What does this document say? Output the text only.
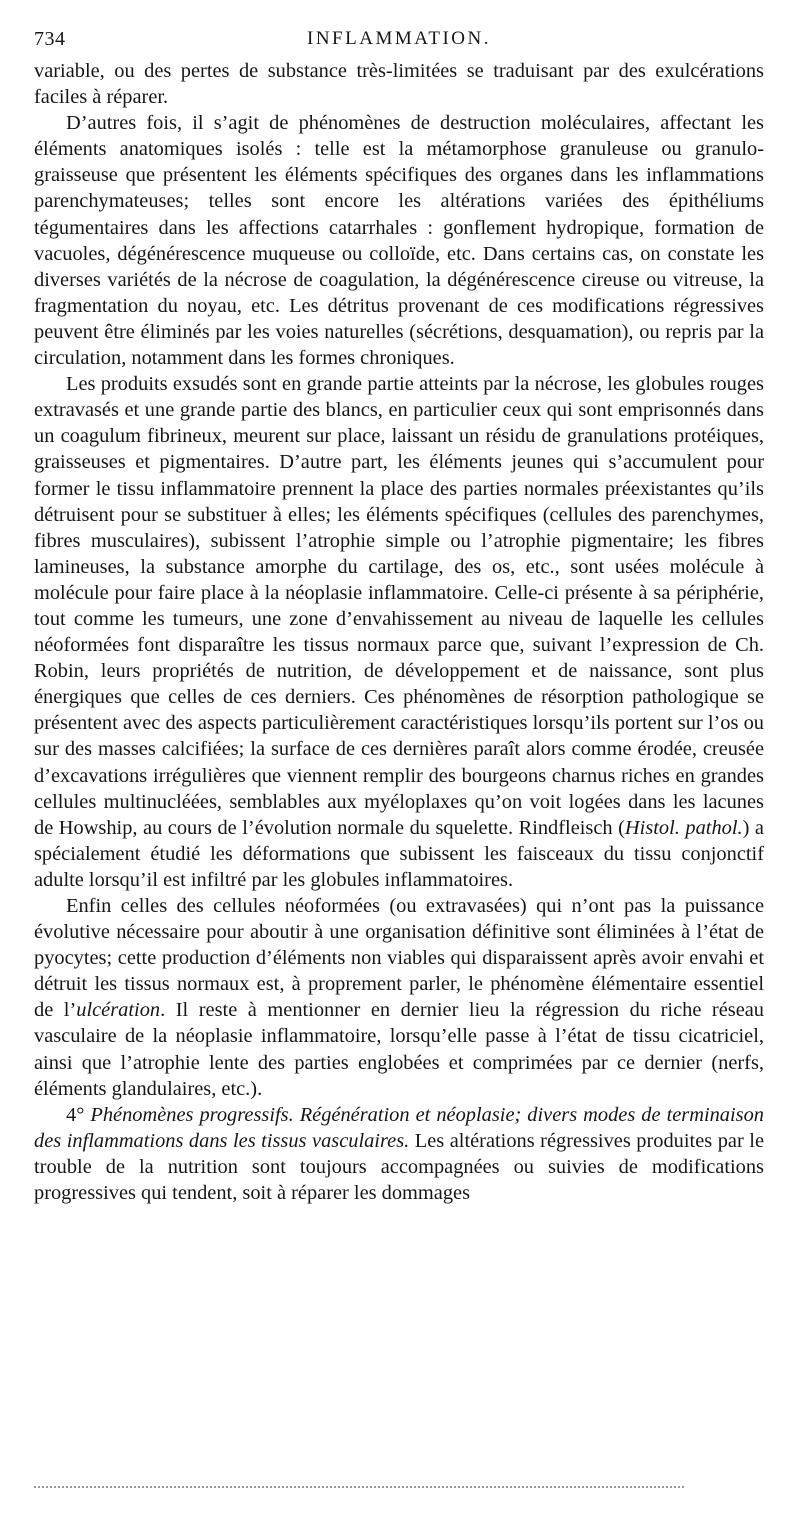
734	INFLAMMATION.

variable, ou des pertes de substance très-limitées se traduisant par des exulcérations faciles à réparer.

D’autres fois, il s’agit de phénomènes de destruction moléculaires, affectant les éléments anatomiques isolés : telle est la métamorphose granuleuse ou granulo-graisseuse que présentent les éléments spécifiques des organes dans les inflammations parenchymateuses; telles sont encore les altérations variées des épithéliums tégumentaires dans les affections catarrhales : gonflement hydropique, formation de vacuoles, dégénérescence muqueuse ou colloïde, etc. Dans certains cas, on constate les diverses variétés de la nécrose de coagulation, la dégénérescence cireuse ou vitreuse, la fragmentation du noyau, etc. Les détritus provenant de ces modifications régressives peuvent être éliminés par les voies naturelles (sécrétions, desquamation), ou repris par la circulation, notamment dans les formes chroniques.

Les produits exsudés sont en grande partie atteints par la nécrose, les globules rouges extravasés et une grande partie des blancs, en particulier ceux qui sont emprisonnés dans un coagulum fibrineux, meurent sur place, laissant un résidu de granulations protéiques, graisseuses et pigmentaires. D’autre part, les éléments jeunes qui s’accumulent pour former le tissu inflammatoire prennent la place des parties normales préexistantes qu’ils détruisent pour se substituer à elles; les éléments spécifiques (cellules des parenchymes, fibres musculaires), subissent l’atrophie simple ou l’atrophie pigmentaire; les fibres lamineuses, la substance amorphe du cartilage, des os, etc., sont usées molécule à molécule pour faire place à la néoplasie inflammatoire. Celle-ci présente à sa périphérie, tout comme les tumeurs, une zone d’envahissement au niveau de laquelle les cellules néoformées font disparaître les tissus normaux parce que, suivant l’expression de Ch. Robin, leurs propriétés de nutrition, de développement et de naissance, sont plus énergiques que celles de ces derniers. Ces phénomènes de résorption pathologique se présentent avec des aspects particulièrement caractéristiques lorsqu’ils portent sur l’os ou sur des masses calcifiées; la surface de ces dernières paraît alors comme érodée, creusée d’excavations irrégulières que viennent remplir des bourgeons charnus riches en grandes cellules multinucléées, semblables aux myéloplaxes qu’on voit logées dans les lacunes de Howship, au cours de l’évolution normale du squelette. Rindfleisch (Histol. pathol.) a spécialement étudié les déformations que subissent les faisceaux du tissu conjonctif adulte lorsqu’il est infiltré par les globules inflammatoires.

Enfin celles des cellules néoformées (ou extravasées) qui n’ont pas la puissance évolutive nécessaire pour aboutir à une organisation définitive sont éliminées à l’état de pyocytes; cette production d’éléments non viables qui disparaissent après avoir envahi et détruit les tissus normaux est, à proprement parler, le phénomène élémentaire essentiel de l’ulcération. Il reste à mentionner en dernier lieu la régression du riche réseau vasculaire de la néoplasie inflammatoire, lorsqu’elle passe à l’état de tissu cicatriciel, ainsi que l’atrophie lente des parties englobées et comprimées par ce dernier (nerfs, éléments glandulaires, etc.).

4° Phénomènes progressifs. Régénération et néoplasie; divers modes de terminaison des inflammations dans les tissus vasculaires. Les altérations régressives produites par le trouble de la nutrition sont toujours accompagnées ou suivies de modifications progressives qui tendent, soit à réparer les dommages
